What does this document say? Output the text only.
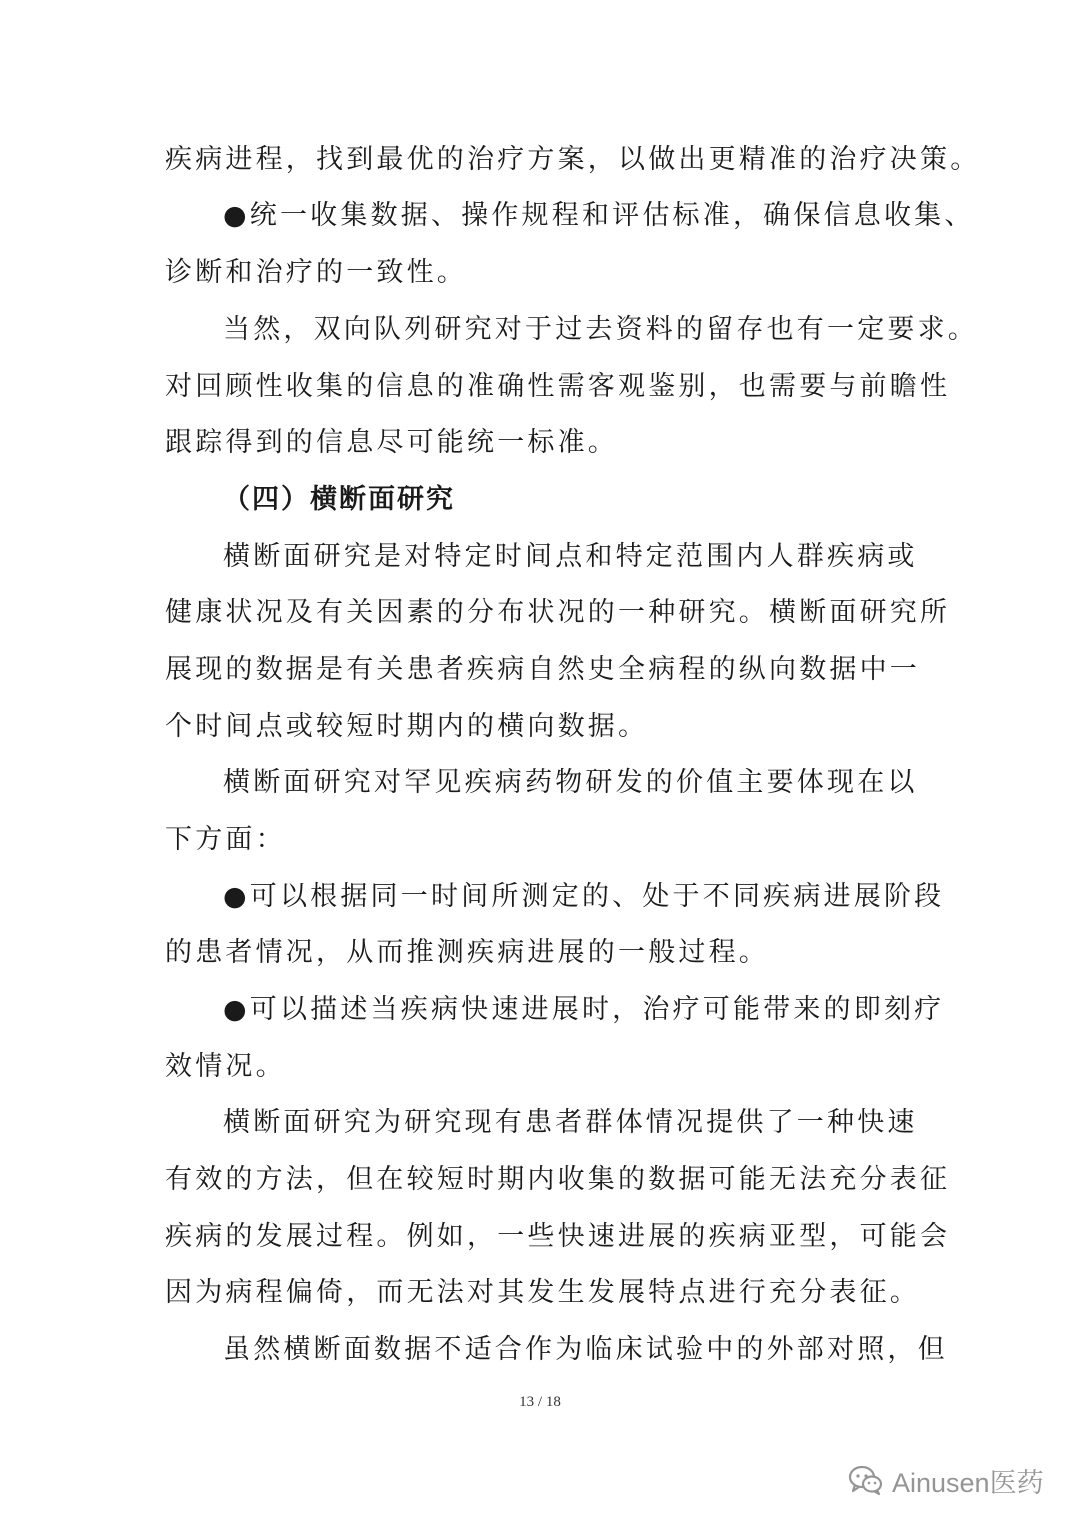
疾病进程，找到最优的治疗方案，以做出更精准的治疗决策。
●统一收集数据、操作规程和评估标准，确保信息收集、
诊断和治疗的一致性。
当然，双向队列研究对于过去资料的留存也有一定要求。
对回顾性收集的信息的准确性需客观鉴别，也需要与前瞻性
跟踪得到的信息尽可能统一标准。
（四）横断面研究
横断面研究是对特定时间点和特定范围内人群疾病或
健康状况及有关因素的分布状况的一种研究。横断面研究所
展现的数据是有关患者疾病自然史全病程的纵向数据中一
个时间点或较短时期内的横向数据。
横断面研究对罕见疾病药物研发的价值主要体现在以
下方面：
●可以根据同一时间所测定的、处于不同疾病进展阶段
的患者情况，从而推测疾病进展的一般过程。
●可以描述当疾病快速进展时，治疗可能带来的即刻疗
效情况。
横断面研究为研究现有患者群体情况提供了一种快速
有效的方法，但在较短时期内收集的数据可能无法充分表征
疾病的发展过程。例如，一些快速进展的疾病亚型，可能会
因为病程偏倚，而无法对其发生发展特点进行充分表征。
虽然横断面数据不适合作为临床试验中的外部对照，但
13 / 18
Ainusen医药
